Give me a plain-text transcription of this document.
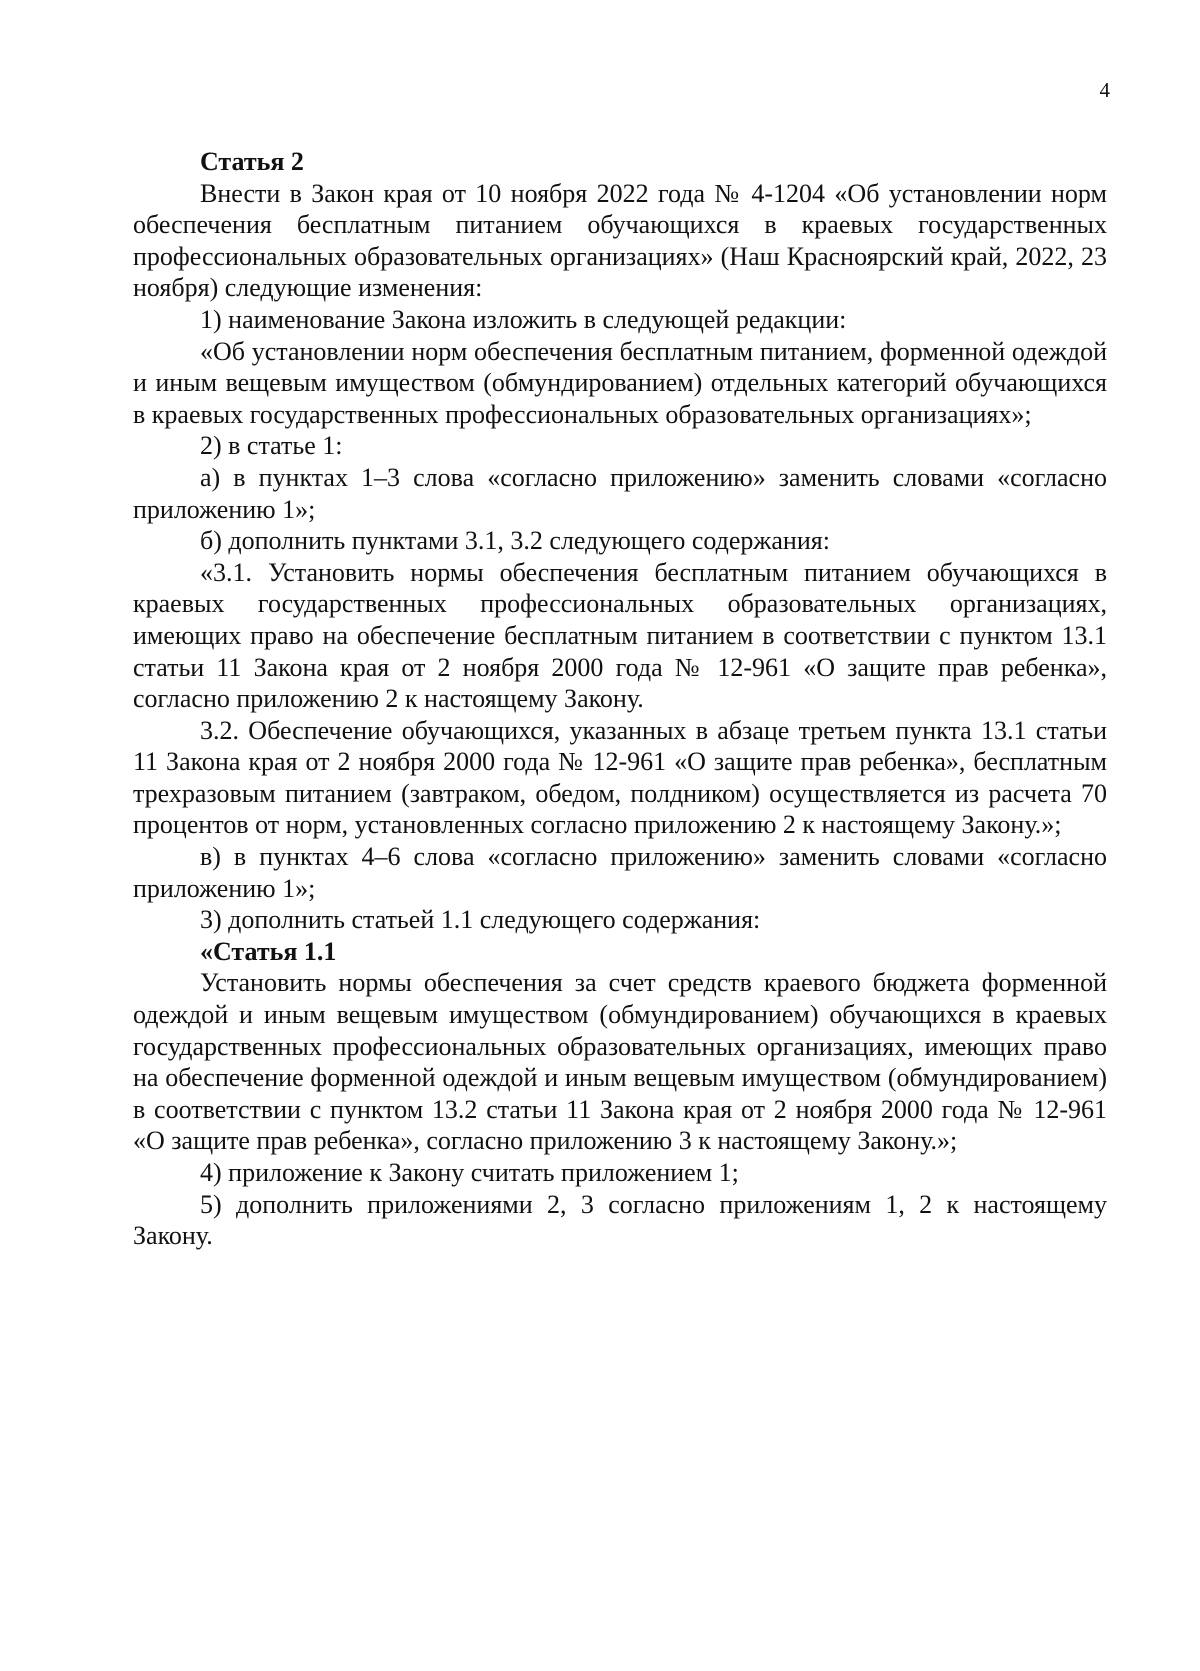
4

Статья 2

Внести в Закон края от 10 ноября 2022 года № 4-1204 «Об установлении норм обеспечения бесплатным питанием обучающихся в краевых государственных профессиональных образовательных организациях» (Наш Красноярский край, 2022, 23 ноября) следующие изменения:

1) наименование Закона изложить в следующей редакции:

«Об установлении норм обеспечения бесплатным питанием, форменной одеждой и иным вещевым имуществом (обмундированием) отдельных категорий обучающихся в краевых государственных профессиональных образовательных организациях»;

2) в статье 1:

а) в пунктах 1–3 слова «согласно приложению» заменить словами «согласно приложению 1»;

б) дополнить пунктами 3.1, 3.2 следующего содержания:

«3.1. Установить нормы обеспечения бесплатным питанием обучающихся в краевых государственных профессиональных образовательных организациях, имеющих право на обеспечение бесплатным питанием в соответствии с пунктом 13.1 статьи 11 Закона края от 2 ноября 2000 года № 12-961 «О защите прав ребенка», согласно приложению 2 к настоящему Закону.

3.2. Обеспечение обучающихся, указанных в абзаце третьем пункта 13.1 статьи 11 Закона края от 2 ноября 2000 года № 12-961 «О защите прав ребенка», бесплатным трехразовым питанием (завтраком, обедом, полдником) осуществляется из расчета 70 процентов от норм, установленных согласно приложению 2 к настоящему Закону.»;

в) в пунктах 4–6 слова «согласно приложению» заменить словами «согласно приложению 1»;

3) дополнить статьей 1.1 следующего содержания:

«Статья 1.1

Установить нормы обеспечения за счет средств краевого бюджета форменной одеждой и иным вещевым имуществом (обмундированием) обучающихся в краевых государственных профессиональных образовательных организациях, имеющих право на обеспечение форменной одеждой и иным вещевым имуществом (обмундированием) в соответствии с пунктом 13.2 статьи 11 Закона края от 2 ноября 2000 года № 12-961 «О защите прав ребенка», согласно приложению 3 к настоящему Закону.»;

4) приложение к Закону считать приложением 1;

5) дополнить приложениями 2, 3 согласно приложениям 1, 2 к настоящему Закону.
